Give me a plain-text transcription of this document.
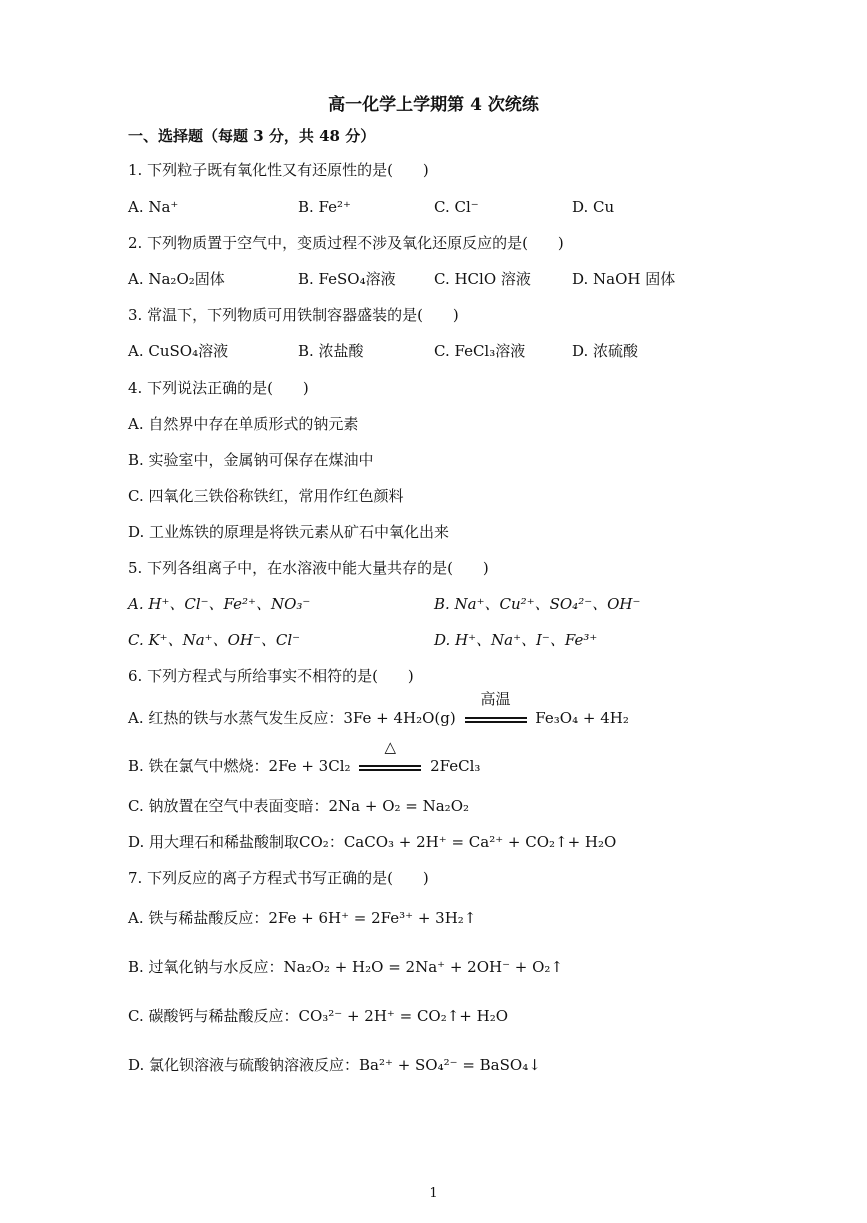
高一化学上学期第 4 次统练
一、选择题（每题 3 分，共 48 分）
1. 下列粒子既有氧化性又有还原性的是(　　)
A. Na⁺	B. Fe²⁺	C. Cl⁻	D. Cu
2. 下列物质置于空气中，变质过程不涉及氧化还原反应的是(　　)
A. Na₂O₂固体	B. FeSO₄溶液	C. HClO 溶液	D. NaOH 固体
3. 常温下，下列物质可用铁制容器盛装的是(　　)
A. CuSO₄溶液	B. 浓盐酸	C. FeCl₃溶液	D. 浓硫酸
4. 下列说法正确的是(　　)
A. 自然界中存在单质形式的钠元素
B. 实验室中，金属钠可保存在煤油中
C. 四氧化三铁俗称铁红，常用作红色颜料
D. 工业炼铁的原理是将铁元素从矿石中氧化出来
5. 下列各组离子中，在水溶液中能大量共存的是(　　)
A. H⁺、Cl⁻、Fe²⁺、NO₃⁻	B. Na⁺、Cu²⁺、SO₄²⁻、OH⁻
C. K⁺、Na⁺、OH⁻、Cl⁻	D. H⁺、Na⁺、I⁻、Fe³⁺
6. 下列方程式与所给事实不相符的是(　　)
A. 红热的铁与水蒸气发生反应：3Fe + 4H₂O(g)
高温
Fe₃O₄ + 4H₂
B. 铁在氯气中燃烧：2Fe + 3Cl₂
△
2FeCl₃
C. 钠放置在空气中表面变暗：2Na + O₂ = Na₂O₂
D. 用大理石和稀盐酸制取CO₂：CaCO₃ + 2H⁺ = Ca²⁺ + CO₂↑+ H₂O
7. 下列反应的离子方程式书写正确的是(　　)
A. 铁与稀盐酸反应：2Fe + 6H⁺ = 2Fe³⁺ + 3H₂↑
B. 过氧化钠与水反应：Na₂O₂ + H₂O = 2Na⁺ + 2OH⁻ + O₂↑
C. 碳酸钙与稀盐酸反应：CO₃²⁻ + 2H⁺ = CO₂↑+ H₂O
D. 氯化钡溶液与硫酸钠溶液反应：Ba²⁺ + SO₄²⁻ = BaSO₄↓
1
